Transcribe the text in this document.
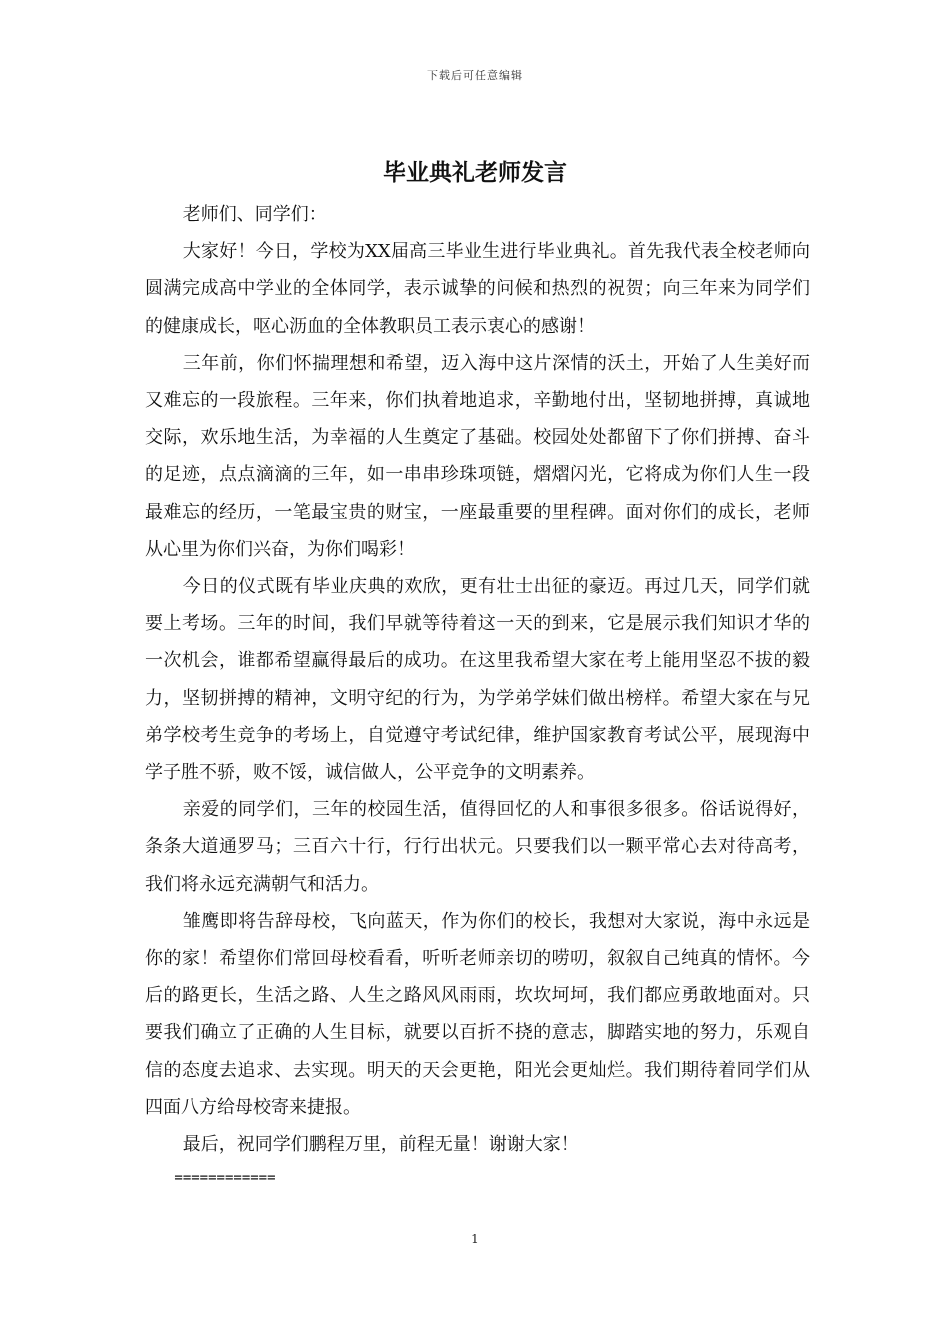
下载后可任意编辑
毕业典礼老师发言

老师们、同学们：

大家好！今日，学校为XX届高三毕业生进行毕业典礼。首先我代表全校老师向圆满完成高中学业的全体同学，表示诚挚的问候和热烈的祝贺；向三年来为同学们的健康成长，呕心沥血的全体教职员工表示衷心的感谢！

三年前，你们怀揣理想和希望，迈入海中这片深情的沃土，开始了人生美好而又难忘的一段旅程。三年来，你们执着地追求，辛勤地付出，坚韧地拼搏，真诚地交际，欢乐地生活，为幸福的人生奠定了基础。校园处处都留下了你们拼搏、奋斗的足迹，点点滴滴的三年，如一串串珍珠项链，熠熠闪光，它将成为你们人生一段最难忘的经历，一笔最宝贵的财宝，一座最重要的里程碑。面对你们的成长，老师从心里为你们兴奋，为你们喝彩！

今日的仪式既有毕业庆典的欢欣，更有壮士出征的豪迈。再过几天，同学们就要上考场。三年的时间，我们早就等待着这一天的到来，它是展示我们知识才华的一次机会，谁都希望赢得最后的成功。在这里我希望大家在考上能用坚忍不拔的毅力，坚韧拼搏的精神，文明守纪的行为，为学弟学妹们做出榜样。希望大家在与兄弟学校考生竞争的考场上，自觉遵守考试纪律，维护国家教育考试公平，展现海中学子胜不骄，败不馁，诚信做人，公平竞争的文明素养。

亲爱的同学们，三年的校园生活，值得回忆的人和事很多很多。俗话说得好，条条大道通罗马；三百六十行，行行出状元。只要我们以一颗平常心去对待高考，我们将永远充满朝气和活力。

雏鹰即将告辞母校，飞向蓝天，作为你们的校长，我想对大家说，海中永远是你的家！希望你们常回母校看看，听听老师亲切的唠叨，叙叙自己纯真的情怀。今后的路更长，生活之路、人生之路风风雨雨，坎坎坷坷，我们都应勇敢地面对。只要我们确立了正确的人生目标，就要以百折不挠的意志，脚踏实地的努力，乐观自信的态度去追求、去实现。明天的天会更艳，阳光会更灿烂。我们期待着同学们从四面八方给母校寄来捷报。

最后，祝同学们鹏程万里，前程无量！谢谢大家！

============
1
